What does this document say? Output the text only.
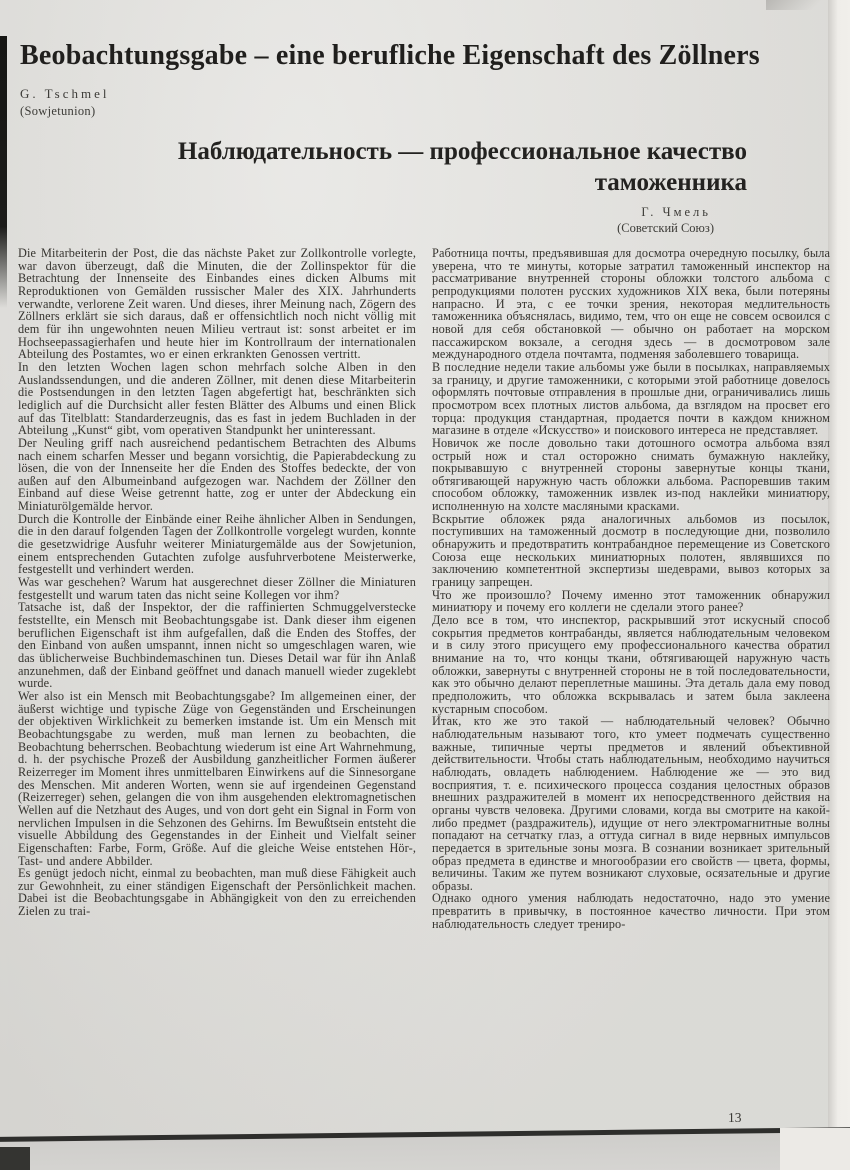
Beobachtungsgabe – eine berufliche Eigenschaft des Zöllners
G. Tschmel
(Sowjetunion)
Наблюдательность — профессиональное качество
таможенника
Г. Чмель
(Советский Союз)

Die Mitarbeiterin der Post, die das nächste Paket zur Zollkontrolle vorlegte, war davon überzeugt, daß die Minuten, die der Zollinspektor für die Betrachtung der Innenseite des Einbandes eines dicken Albums mit Reproduktionen von Gemälden russischer Maler des XIX. Jahrhunderts verwandte, verlorene Zeit waren. Und dieses, ihrer Meinung nach, Zögern des Zöllners erklärt sie sich daraus, daß er offensichtlich noch nicht völlig mit dem für ihn ungewohnten neuen Milieu vertraut ist: sonst arbeitet er im Hochseepassagierhafen und heute hier im Kontrollraum der internationalen Abteilung des Postamtes, wo er einen erkrankten Genossen vertritt.

In den letzten Wochen lagen schon mehrfach solche Alben in den Auslandssendungen, und die anderen Zöllner, mit denen diese Mitarbeiterin die Postsendungen in den letzten Tagen abgefertigt hat, beschränkten sich lediglich auf die Durchsicht aller festen Blätter des Albums und einen Blick auf das Titelblatt: Standarderzeugnis, das es fast in jedem Buchladen in der Abteilung „Kunst“ gibt, vom operativen Standpunkt her uninteressant.

Der Neuling griff nach ausreichend pedantischem Betrachten des Albums nach einem scharfen Messer und begann vorsichtig, die Papierabdeckung zu lösen, die von der Innenseite her die Enden des Stoffes bedeckte, der von außen auf den Albumeinband aufgezogen war. Nachdem der Zöllner den Einband auf diese Weise getrennt hatte, zog er unter der Abdeckung ein Miniaturölgemälde hervor.

Durch die Kontrolle der Einbände einer Reihe ähnlicher Alben in Sendungen, die in den darauf folgenden Tagen der Zollkontrolle vorgelegt wurden, konnte die gesetzwidrige Ausfuhr weiterer Miniaturgemälde aus der Sowjetunion, einem entsprechenden Gutachten zufolge ausfuhrverbotene Meisterwerke, festgestellt und verhindert werden.

Was war geschehen? Warum hat ausgerechnet dieser Zöllner die Miniaturen festgestellt und warum taten das nicht seine Kollegen vor ihm?

Tatsache ist, daß der Inspektor, der die raffinierten Schmuggelverstecke feststellte, ein Mensch mit Beobachtungsgabe ist. Dank dieser ihm eigenen beruflichen Eigenschaft ist ihm aufgefallen, daß die Enden des Stoffes, der den Einband von außen umspannt, innen nicht so umgeschlagen waren, wie das üblicherweise Buchbindemaschinen tun. Dieses Detail war für ihn Anlaß anzunehmen, daß der Einband geöffnet und danach manuell wieder zugeklebt wurde.

Wer also ist ein Mensch mit Beobachtungsgabe? Im allgemeinen einer, der äußerst wichtige und typische Züge von Gegenständen und Erscheinungen der objektiven Wirklichkeit zu bemerken imstande ist. Um ein Mensch mit Beobachtungsgabe zu werden, muß man lernen zu beobachten, die Beobachtung beherrschen. Beobachtung wiederum ist eine Art Wahrnehmung, d. h. der psychische Prozeß der Ausbildung ganzheitlicher Formen äußerer Reizerreger im Moment ihres unmittelbaren Einwirkens auf die Sinnesorgane des Menschen. Mit anderen Worten, wenn sie auf irgendeinen Gegenstand (Reizerreger) sehen, gelangen die von ihm ausgehenden elektromagnetischen Wellen auf die Netzhaut des Auges, und von dort geht ein Signal in Form von nervlichen Impulsen in die Sehzonen des Gehirns. Im Bewußtsein entsteht die visuelle Abbildung des Gegenstandes in der Einheit und Vielfalt seiner Eigenschaften: Farbe, Form, Größe. Auf die gleiche Weise entstehen Hör-, Tast- und andere Abbilder.

Es genügt jedoch nicht, einmal zu beobachten, man muß diese Fähigkeit auch zur Gewohnheit, zu einer ständigen Eigenschaft der Persönlichkeit machen. Dabei ist die Beobachtungsgabe in Abhängigkeit von den zu erreichenden Zielen zu trai-

Работница почты, предъявившая для досмотра очередную посылку, была уверена, что те минуты, которые затратил таможенный инспектор на рассматривание внутренней стороны обложки толстого альбома с репродукциями полотен русских художников XIX века, были потеряны напрасно. И эта, с ее точки зрения, некоторая медлительность таможенника объяснялась, видимо, тем, что он еще не совсем освоился с новой для себя обстановкой — обычно он работает на морском пассажирском вокзале, а сегодня здесь — в досмотровом зале международного отдела почтамта, подменяя заболевшего товарища.

В последние недели такие альбомы уже были в посылках, направляемых за границу, и другие таможенники, с которыми этой работнице довелось оформлять почтовые отправления в прошлые дни, ограничивались лишь просмотром всех плотных листов альбома, да взглядом на просвет его торца: продукция стандартная, продается почти в каждом книжном магазине в отделе «Искусство» и поискового интереса не представляет.

Новичок же после довольно таки дотошного осмотра альбома взял острый нож и стал осторожно снимать бумажную наклейку, покрывавшую с внутренней стороны завернутые концы ткани, обтягивающей наружную часть обложки альбома. Распоревшив таким способом обложку, таможенник извлек из-под наклейки миниатюру, исполненную на холсте масляными красками.

Вскрытие обложек ряда аналогичных альбомов из посылок, поступивших на таможенный досмотр в последующие дни, позволило обнаружить и предотвратить контрабандное перемещение из Советского Союза еще нескольких миниатюрных полотен, являвшихся по заключению компетентной экспертизы шедеврами, вывоз которых за границу запрещен.

Что же произошло? Почему именно этот таможенник обнаружил миниатюру и почему его коллеги не сделали этого ранее?

Дело все в том, что инспектор, раскрывший этот искусный способ сокрытия предметов контрабанды, является наблюдательным человеком и в силу этого присущего ему профессионального качества обратил внимание на то, что концы ткани, обтягивающей наружную часть обложки, завернуты с внутренней стороны не в той последовательности, как это обычно делают переплетные машины. Эта деталь дала ему повод предположить, что обложка вскрывалась и затем была заклеена кустарным способом.

Итак, кто же это такой — наблюдательный человек? Обычно наблюдательным называют того, кто умеет подмечать существенно важные, типичные черты предметов и явлений объективной действительности. Чтобы стать наблюдательным, необходимо научиться наблюдать, овладеть наблюдением. Наблюдение же — это вид восприятия, т. е. психического процесса создания целостных образов внешних раздражителей в момент их непосредственного действия на органы чувств человека. Другими словами, когда вы смотрите на какой-либо предмет (раздражитель), идущие от него электромагнитные волны попадают на сетчатку глаз, а оттуда сигнал в виде нервных импульсов передается в зрительные зоны мозга. В сознании возникает зрительный образ предмета в единстве и многообразии его свойств — цвета, формы, величины. Таким же путем возникают слуховые, осязательные и другие образы.

Однако одного умения наблюдать недостаточно, надо это умение превратить в привычку, в постоянное качество личности. При этом наблюдательность следует трениро-

13
